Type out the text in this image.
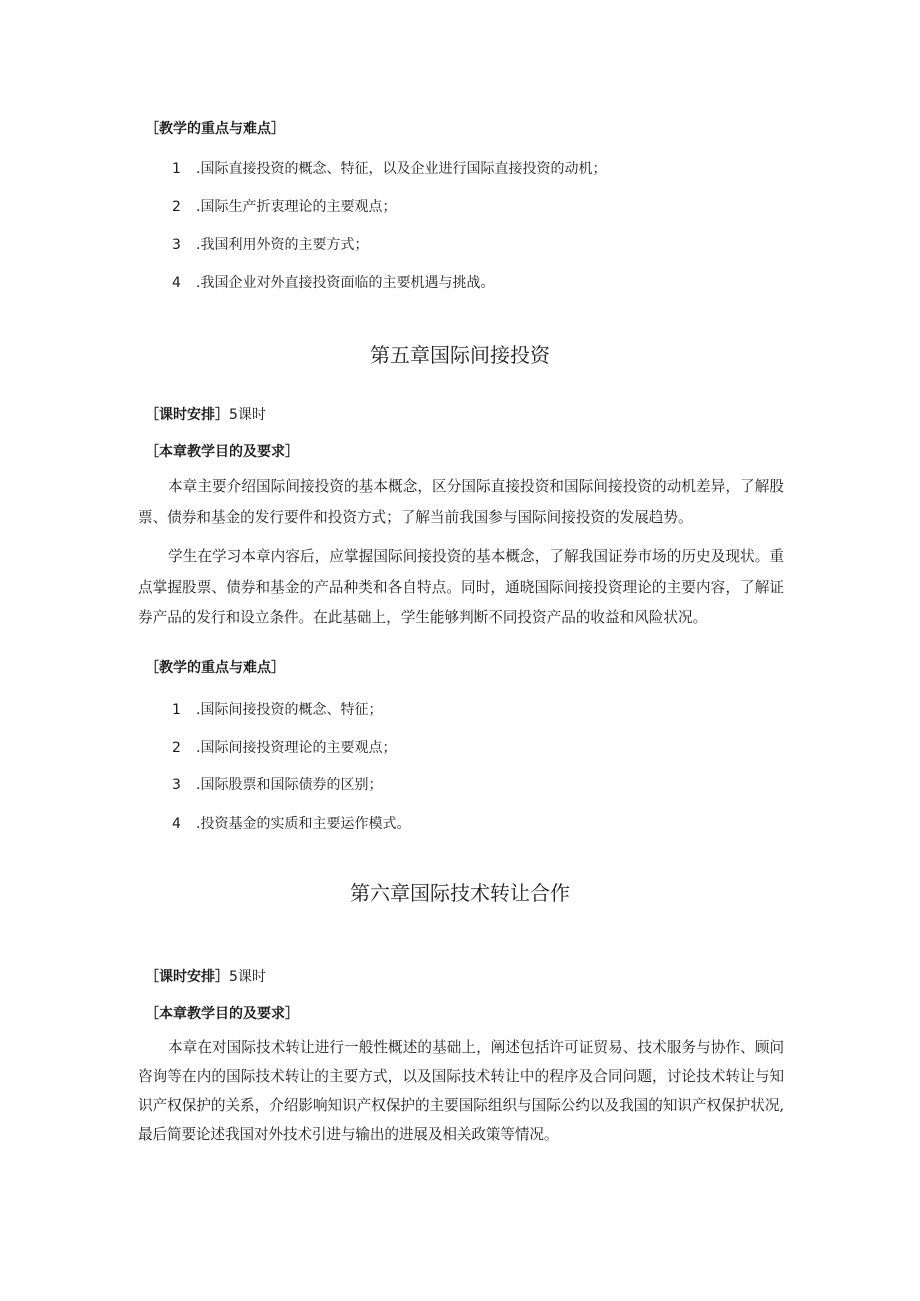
［教学的重点与难点］
1 .国际直接投资的概念、特征，以及企业进行国际直接投资的动机；
2 .国际生产折衷理论的主要观点；
3 .我国利用外资的主要方式；
4 .我国企业对外直接投资面临的主要机遇与挑战。
第五章国际间接投资
［课时安排］5课时
［本章教学目的及要求］
本章主要介绍国际间接投资的基本概念，区分国际直接投资和国际间接投资的动机差异，了解股票、债券和基金的发行要件和投资方式；了解当前我国参与国际间接投资的发展趋势。
学生在学习本章内容后，应掌握国际间接投资的基本概念，了解我国证券市场的历史及现状。重点掌握股票、债券和基金的产品种类和各自特点。同时，通晓国际间接投资理论的主要内容，了解证券产品的发行和设立条件。在此基础上，学生能够判断不同投资产品的收益和风险状况。
［教学的重点与难点］
1 .国际间接投资的概念、特征；
2 .国际间接投资理论的主要观点；
3 .国际股票和国际债券的区别；
4 .投资基金的实质和主要运作模式。
第六章国际技术转让合作
［课时安排］5课时
［本章教学目的及要求］
本章在对国际技术转让进行一般性概述的基础上，阐述包括许可证贸易、技术服务与协作、顾问咨询等在内的国际技术转让的主要方式，以及国际技术转让中的程序及合同问题，讨论技术转让与知识产权保护的关系，介绍影响知识产权保护的主要国际组织与国际公约以及我国的知识产权保护状况,最后简要论述我国对外技术引进与输出的进展及相关政策等情况。
